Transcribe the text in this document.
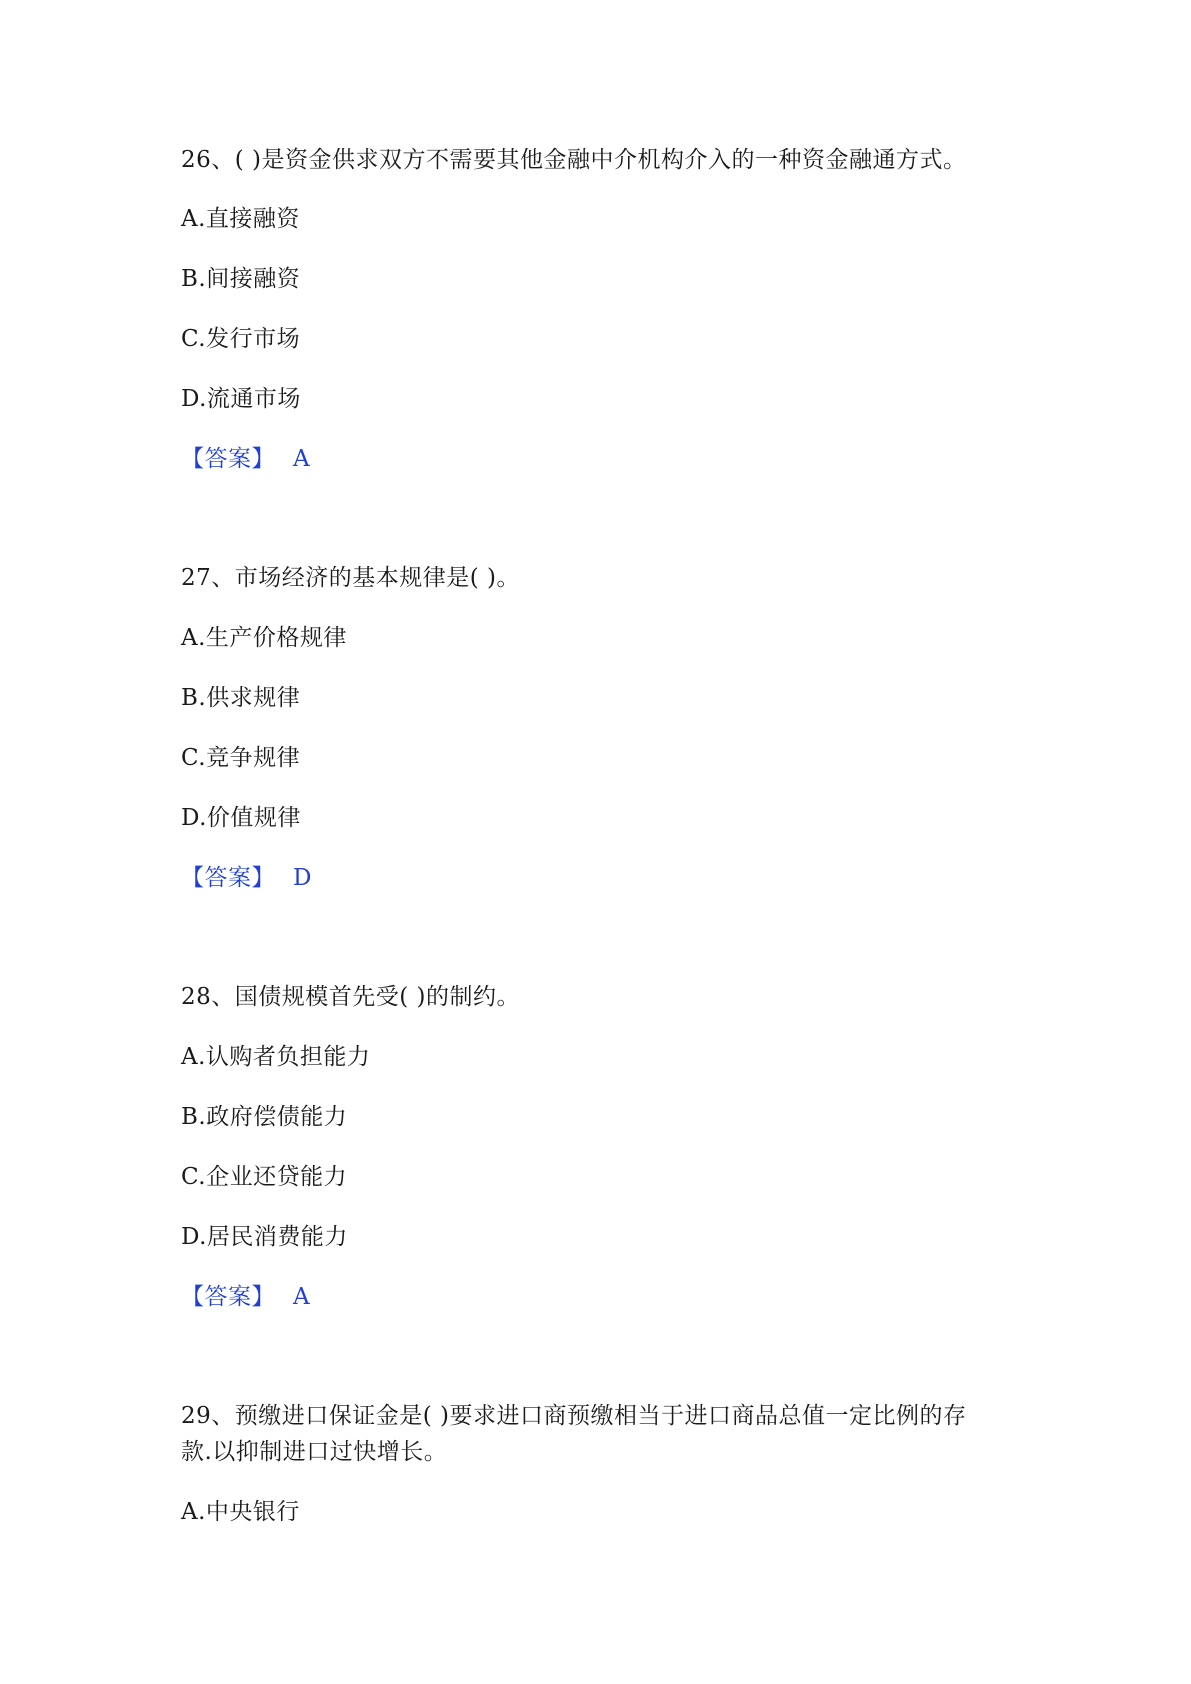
26、( )是资金供求双方不需要其他金融中介机构介入的一种资金融通方式。
A.直接融资
B.间接融资
C.发行市场
D.流通市场
【答案】 A
27、市场经济的基本规律是( )。
A.生产价格规律
B.供求规律
C.竞争规律
D.价值规律
【答案】 D
28、国债规模首先受( )的制约。
A.认购者负担能力
B.政府偿债能力
C.企业还贷能力
D.居民消费能力
【答案】 A
29、预缴进口保证金是( )要求进口商预缴相当于进口商品总值一定比例的存
款.以抑制进口过快增长。
A.中央银行
